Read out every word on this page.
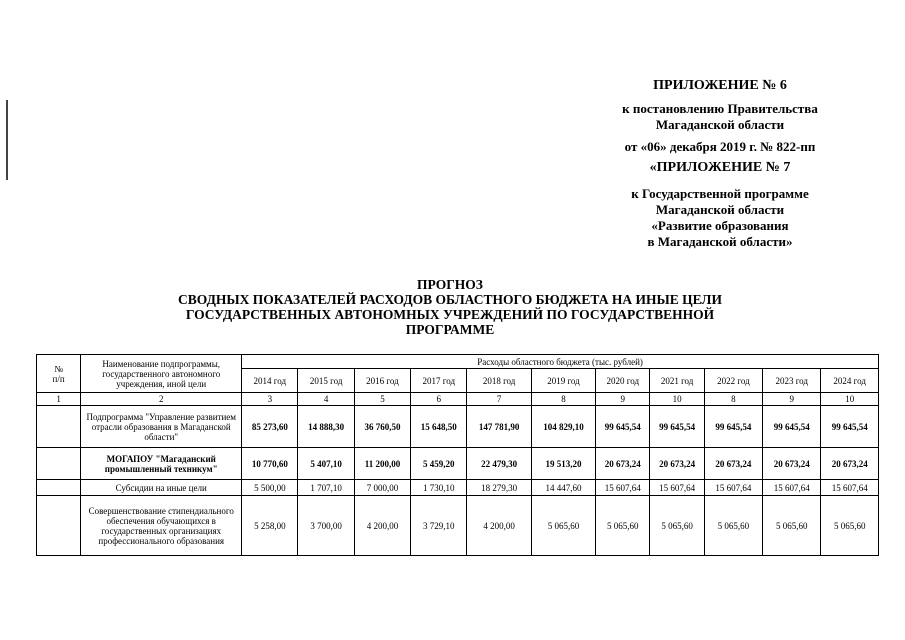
ПРИЛОЖЕНИЕ № 6
к постановлению Правительства
Магаданской области
от «06» декабря 2019 г. № 822-пп
«ПРИЛОЖЕНИЕ № 7
к Государственной программе
Магаданской области
«Развитие образования
в Магаданской области»
ПРОГНОЗ
СВОДНЫХ ПОКАЗАТЕЛЕЙ РАСХОДОВ ОБЛАСТНОГО БЮДЖЕТА НА ИНЫЕ ЦЕЛИ
ГОСУДАРСТВЕННЫХ АВТОНОМНЫХ УЧРЕЖДЕНИЙ ПО ГОСУДАРСТВЕННОЙ
ПРОГРАММЕ
№
п/п	Наименование подпрограммы, государственного автономного учреждения, иной цели	Расходы областного бюджета (тыс. рублей)										
		2014 год	2015 год	2016 год	2017 год	2018 год	2019 год	2020 год	2021 год	2022 год	2023 год	2024 год
1	2	3	4	5	6	7	8	9	10	8	9	10
	Подпрограмма "Управление развитием отрасли образования в Магаданской области"	85 273,60	14 888,30	36 760,50	15 648,50	147 781,90	104 829,10	99 645,54	99 645,54	99 645,54	99 645,54	99 645,54
	МОГАПОУ "Магаданский промышленный техникум"	10 770,60	5 407,10	11 200,00	5 459,20	22 479,30	19 513,20	20 673,24	20 673,24	20 673,24	20 673,24	20 673,24
	Субсидии на иные цели	5 500,00	1 707,10	7 000,00	1 730,10	18 279,30	14 447,60	15 607,64	15 607,64	15 607,64	15 607,64	15 607,64
	Совершенствование стипендиального обеспечения обучающихся в государственных организациях профессионального образования	5 258,00	3 700,00	4 200,00	3 729,10	4 200,00	5 065,60	5 065,60	5 065,60	5 065,60	5 065,60	5 065,60
